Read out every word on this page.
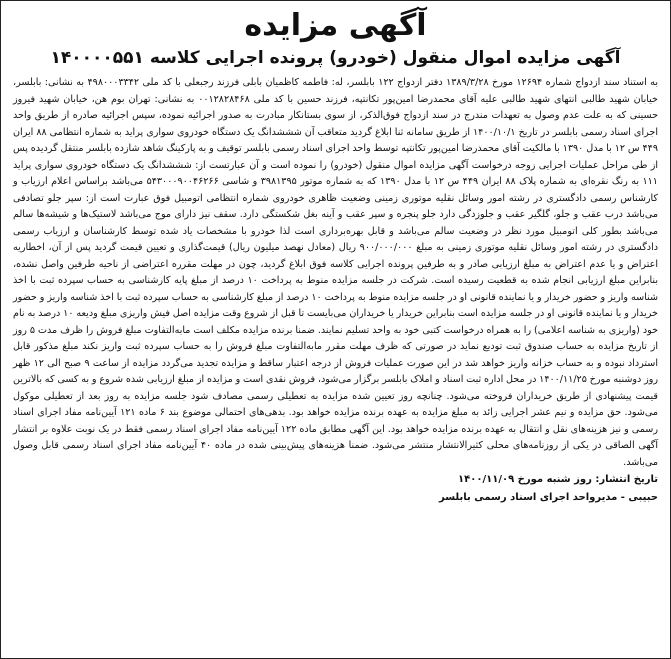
آگهی مزایده
آگهی مزایده اموال منقول (خودرو) پرونده اجرایی کلاسه ۱۴۰۰۰۰۵۵۱

به استناد سند ازدواج شماره ۱۲۶۹۴ مورخ ۱۳۸۹/۳/۲۸ دفتر ازدواج ۱۲۲ بابلسر، له: فاطمه کاظمیان بابلی فرزند رجبعلی با کد ملی ۴۹۸۰۰۰۳۳۴۲ به نشانی: بابلسر، خیابان شهید طالبی انتهای شهید طالبی علیه آقای محمدرضا امین‌پور تکانتپه، فرزند حسین با کد ملی ۰۰۱۲۸۲۸۴۶۸ به نشانی: تهران بوم هن، خیابان شهید فیروز حسینی که به علت عدم وصول به تعهدات مندرج در سند ازدواج فوق‌الذکر، از سوی بستانکار مبادرت به صدور اجرائیه نموده، سپس اجرائیه صادره از طریق واحد اجرای اسناد رسمی بابلسر در تاریخ ۱۴۰۰/۱۰/۱ از طریق سامانه ثنا ابلاغ گردید متعاقب آن شششدانگ یک دستگاه خودروی سواری پراید به شماره انتظامی ۸۸ ایران ۴۴۹ س ۱۲ با مدل ۱۳۹۰ با مالکیت آقای محمدرضا امین‌پور تکانتپه توسط واحد اجرای اسناد رسمی بابلسر توقیف و به پارکینگ شاهد شازده بابلسر منتقل گردیده پس از طی مراحل عملیات اجرایی زوجه درخواست آگهی مزایده اموال منقول (خودرو) را نموده است و آن عبارتست از: شششدانگ یک دستگاه خودروی سواری پراید ۱۱۱ به رنگ نقره‌ای به شماره پلاک ۸۸ ایران ۴۴۹ س ۱۲ با مدل ۱۳۹۰ که به شماره موتور ۳۹۸۱۳۹۵ و شاسی ۵۴۳۰۰۰۹۰۰۴۶۲۶۶ می‌باشد براساس اعلام ارزیاب و کارشناس رسمی دادگستری در رشته امور وسائل نقلیه موتوری زمینی وضعیت ظاهری خودروی شماره انتظامی اتومبیل فوق عبارت است از: سپر جلو تصادفی می‌باشد درب عقب و جلو، گلگیر عقب و جلوزدگی دارد جلو پنجره و سپر عقب و آینه بغل شکستگی دارد. سقف نیز دارای موج می‌باشد لاستیک‌ها و شیشه‌ها سالم می‌باشد بطور کلی اتومبیل مورد نظر در وضعیت سالم می‌باشد و قابل بهره‌برداری است لذا خودرو با مشخصات یاد شده توسط کارشناسان و ارزیاب رسمی دادگستری در رشته امور وسائل نقلیه موتوری زمینی به مبلغ ۹۰۰/۰۰۰/۰۰۰ ریال (معادل نهصد میلیون ریال) قیمت‌گذاری و تعیین قیمت گردید پس از آن، اخطاریه اعتراض و یا عدم اعتراض به مبلغ ارزیابی صادر و به طرفین پرونده اجرایی کلاسه فوق ابلاغ گردید، چون در مهلت مقرره اعتراضی از ناحیه طرفین واصل نشده، بنابراین مبلغ ارزیابی انجام شده به قطعیت رسیده است. شرکت در جلسه مزایده منوط به پرداخت ۱۰ درصد از مبلغ پایه کارشناسی به حساب سپرده ثبت با اخذ شناسه واریز و حضور خریدار و یا نماینده قانونی او در جلسه مزایده منوط به پرداخت ۱۰ درصد از مبلغ کارشناسی به حساب سپرده ثبت با اخذ شناسه واریز و حضور خریدار و یا نماینده قانونی او در جلسه مزایده است بنابراین خریدار یا خریداران می‌بایست تا قبل از شروع وقت مزایده اصل فیش واریزی مبلغ ودیعه ۱۰ درصد به نام خود (واریزی به شناسه اعلامی) را به همراه درخواست کتبی خود به واحد تسلیم نمایند. ضمنا برنده مزایده مکلف است مابه‌التفاوت مبلغ فروش را ظرف مدت ۵ روز از تاریخ مزایده به حساب صندوق ثبت تودیع نماید در صورتی که ظرف مهلت مقرر مابه‌التفاوت مبلغ فروش را به حساب سپرده ثبت واریز نکند مبلغ مذکور قابل استرداد نبوده و به حساب خزانه واریز خواهد شد در این صورت عملیات فروش از درجه اعتبار ساقط و مزایده تجدید می‌گردد مزایده از ساعت ۹ صبح الی ۱۲ ظهر روز دوشنبه مورخ ۱۴۰۰/۱۱/۲۵ در محل اداره ثبت اسناد و املاک بابلسر برگزار می‌شود، فروش نقدی است و مزایده از مبلغ ارزیابی شده شروع و به کسی که بالاترین قیمت پیشنهادی از طریق خریداران فروخته می‌شود. چنانچه روز تعیین شده مزایده به تعطیلی رسمی مصادف شود جلسه مزایده به روز بعد از تعطیلی موکول می‌شود. حق مزایده و نیم عشر اجرایی زائد به مبلغ مزایده به عهده برنده مزایده خواهد بود. بدهی‌های احتمالی موضوع بند ۶ ماده ۱۲۱ آیین‌نامه مفاد اجرای اسناد رسمی و نیز هزینه‌های نقل و انتقال به عهده برنده مزایده خواهد بود. این آگهی مطابق ماده ۱۲۲ آیین‌نامه مفاد اجرای اسناد رسمی فقط در یک نوبت علاوه بر انتشار آگهی الصاقی در یکی از روزنامه‌های محلی کثیرالانتشار منتشر می‌شود. ضمنا هزینه‌های پیش‌بینی شده در ماده ۴۰ آیین‌نامه مفاد اجرای اسناد رسمی قابل وصول می‌باشد.

تاریخ انتشار: روز شنبه مورخ ۱۴۰۰/۱۱/۰۹
حبیبی - مدیرواحد اجرای اسناد رسمی بابلسر
